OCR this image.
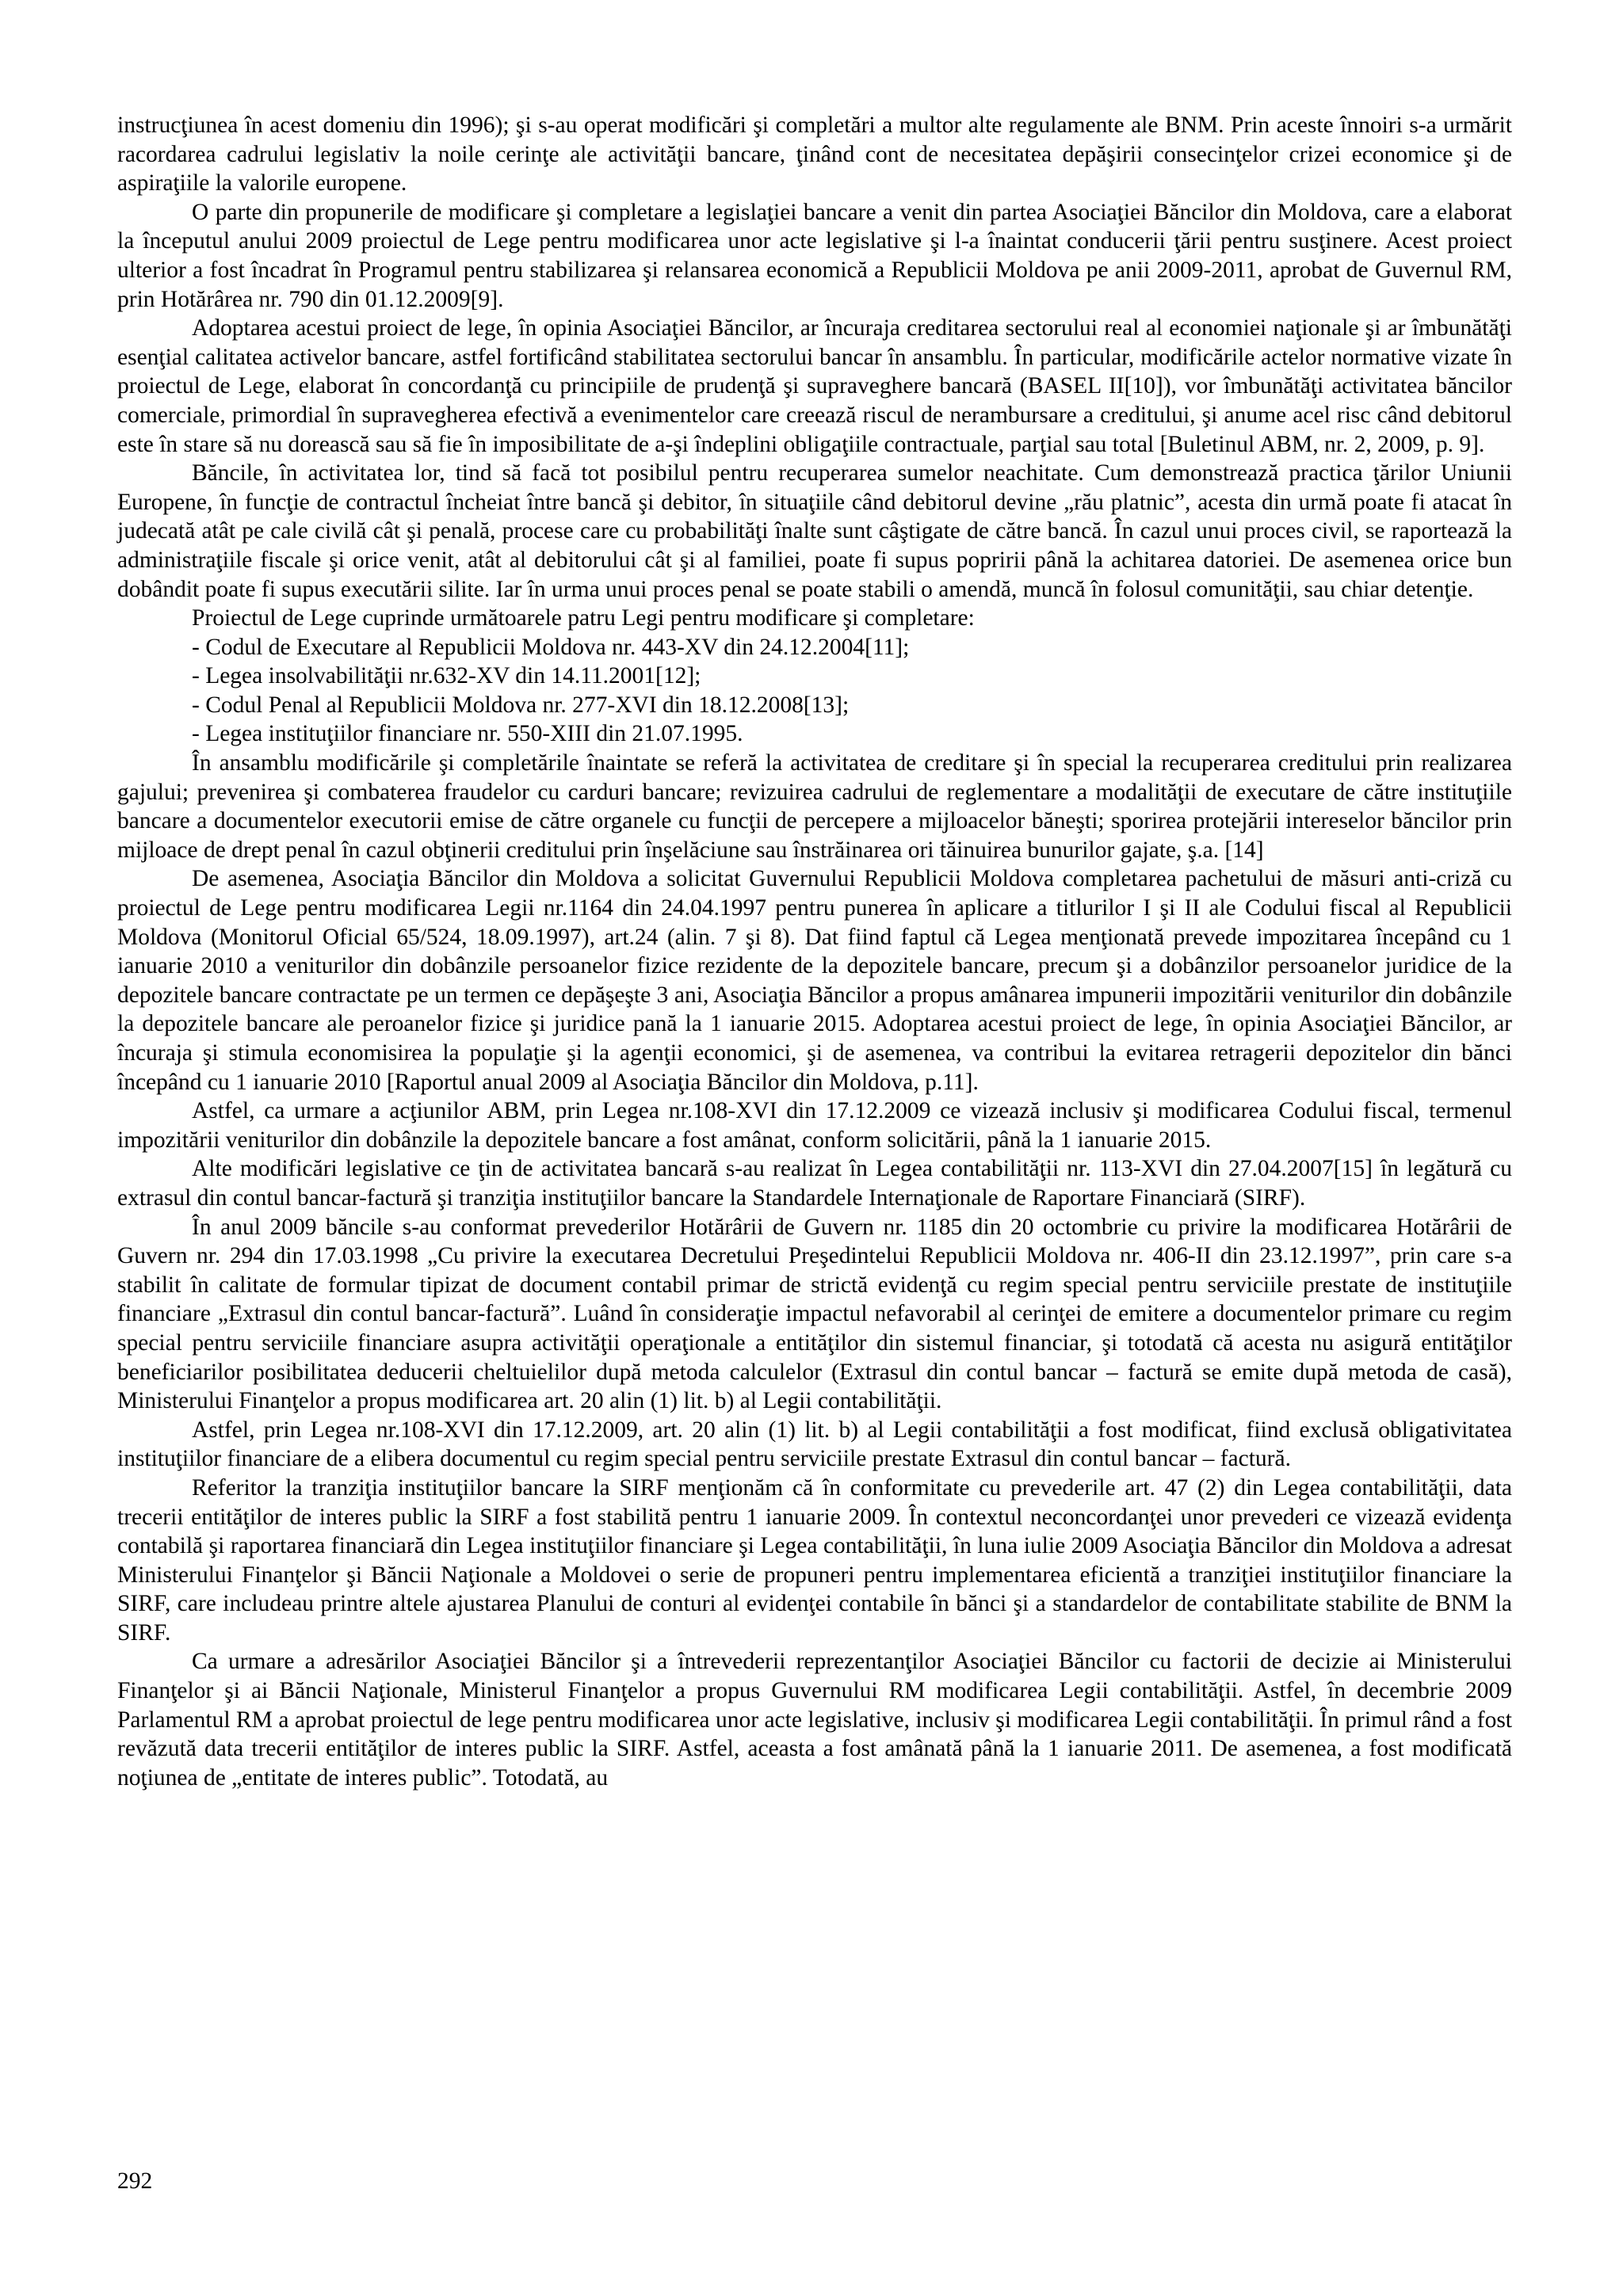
instrucţiunea în acest domeniu din 1996); şi s-au operat modificări şi completări a multor alte regulamente ale BNM. Prin aceste înnoiri s-a urmărit racordarea cadrului legislativ la noile cerinţe ale activităţii bancare, ţinând cont de necesitatea depăşirii consecinţelor crizei economice şi de aspiraţiile la valorile europene.

O parte din propunerile de modificare şi completare a legislaţiei bancare a venit din partea Asociaţiei Băncilor din Moldova, care a elaborat la începutul anului 2009 proiectul de Lege pentru modificarea unor acte legislative şi l-a înaintat conducerii ţării pentru susţinere. Acest proiect ulterior a fost încadrat în Programul pentru stabilizarea şi relansarea economică a Republicii Moldova pe anii 2009-2011, aprobat de Guvernul RM, prin Hotărârea nr. 790 din 01.12.2009[9].

Adoptarea acestui proiect de lege, în opinia Asociaţiei Băncilor, ar încuraja creditarea sectorului real al economiei naţionale şi ar îmbunătăţi esenţial calitatea activelor bancare, astfel fortificând stabilitatea sectorului bancar în ansamblu. În particular, modificările actelor normative vizate în proiectul de Lege, elaborat în concordanţă cu principiile de prudenţă şi supraveghere bancară (BASEL II[10]), vor îmbunătăţi activitatea băncilor comerciale, primordial în supravegherea efectivă a evenimentelor care creează riscul de nerambursare a creditului, şi anume acel risc când debitorul este în stare să nu dorească sau să fie în imposibilitate de a-şi îndeplini obligaţiile contractuale, parţial sau total [Buletinul ABM, nr. 2, 2009, p. 9].

Băncile, în activitatea lor, tind să facă tot posibilul pentru recuperarea sumelor neachitate. Cum demonstrează practica ţărilor Uniunii Europene, în funcţie de contractul încheiat între bancă şi debitor, în situaţiile când debitorul devine „rău platnic”, acesta din urmă poate fi atacat în judecată atât pe cale civilă cât şi penală, procese care cu probabilităţi înalte sunt câştigate de către bancă. În cazul unui proces civil, se raportează la administraţiile fiscale şi orice venit, atât al debitorului cât şi al familiei, poate fi supus popririi până la achitarea datoriei. De asemenea orice bun dobândit poate fi supus executării silite. Iar în urma unui proces penal se poate stabili o amendă, muncă în folosul comunităţii, sau chiar detenţie.

Proiectul de Lege cuprinde următoarele patru Legi pentru modificare şi completare:

- Codul de Executare al Republicii Moldova nr. 443-XV din 24.12.2004[11];
- Legea insolvabilităţii nr.632-XV din 14.11.2001[12];
- Codul Penal al Republicii Moldova nr. 277-XVI din 18.12.2008[13];
- Legea instituţiilor financiare nr. 550-XIII din 21.07.1995.

În ansamblu modificările şi completările înaintate se referă la activitatea de creditare şi în special la recuperarea creditului prin realizarea gajului; prevenirea şi combaterea fraudelor cu carduri bancare; revizuirea cadrului de reglementare a modalităţii de executare de către instituţiile bancare a documentelor executorii emise de către organele cu funcţii de percepere a mijloacelor băneşti; sporirea protejării intereselor băncilor prin mijloace de drept penal în cazul obţinerii creditului prin înşelăciune sau înstrăinarea ori tăinuirea bunurilor gajate, ş.a. [14]

De asemenea, Asociaţia Băncilor din Moldova a solicitat Guvernului Republicii Moldova completarea pachetului de măsuri anti-criză cu proiectul de Lege pentru modificarea Legii nr.1164 din 24.04.1997 pentru punerea în aplicare a titlurilor I şi II ale Codului fiscal al Republicii Moldova (Monitorul Oficial 65/524, 18.09.1997), art.24 (alin. 7 şi 8). Dat fiind faptul că Legea menţionată prevede impozitarea începând cu 1 ianuarie 2010 a veniturilor din dobânzile persoanelor fizice rezidente de la depozitele bancare, precum şi a dobânzilor persoanelor juridice de la depozitele bancare contractate pe un termen ce depăşeşte 3 ani, Asociaţia Băncilor a propus amânarea impunerii impozitării veniturilor din dobânzile la depozitele bancare ale peroanelor fizice şi juridice pană la 1 ianuarie 2015. Adoptarea acestui proiect de lege, în opinia Asociaţiei Băncilor, ar încuraja şi stimula economisirea la populaţie şi la agenţii economici, şi de asemenea, va contribui la evitarea retragerii depozitelor din bănci începând cu 1 ianuarie 2010 [Raportul anual 2009 al Asociaţia Băncilor din Moldova, p.11].

Astfel, ca urmare a acţiunilor ABM, prin Legea nr.108-XVI din 17.12.2009 ce vizează inclusiv şi modificarea Codului fiscal, termenul impozitării veniturilor din dobânzile la depozitele bancare a fost amânat, conform solicitării, până la 1 ianuarie 2015.

Alte modificări legislative ce ţin de activitatea bancară s-au realizat în Legea contabilităţii nr. 113-XVI din 27.04.2007[15] în legătură cu extrasul din contul bancar-factură şi tranziţia instituţiilor bancare la Standardele Internaţionale de Raportare Financiară (SIRF).

În anul 2009 băncile s-au conformat prevederilor Hotărârii de Guvern nr. 1185 din 20 octombrie cu privire la modificarea Hotărârii de Guvern nr. 294 din 17.03.1998 „Cu privire la executarea Decretului Preşedintelui Republicii Moldova nr. 406-II din 23.12.1997”, prin care s-a stabilit în calitate de formular tipizat de document contabil primar de strictă evidenţă cu regim special pentru serviciile prestate de instituţiile financiare „Extrasul din contul bancar-factură”. Luând în consideraţie impactul nefavorabil al cerinţei de emitere a documentelor primare cu regim special pentru serviciile financiare asupra activităţii operaţionale a entităţilor din sistemul financiar, şi totodată că acesta nu asigură entităţilor beneficiarilor posibilitatea deducerii cheltuielilor după metoda calculelor (Extrasul din contul bancar – factură se emite după metoda de casă), Ministerului Finanţelor a propus modificarea art. 20 alin (1) lit. b) al Legii contabilităţii.

Astfel, prin Legea nr.108-XVI din 17.12.2009, art. 20 alin (1) lit. b) al Legii contabilităţii a fost modificat, fiind exclusă obligativitatea instituţiilor financiare de a elibera documentul cu regim special pentru serviciile prestate Extrasul din contul bancar – factură.

Referitor la tranziţia instituţiilor bancare la SIRF menţionăm că în conformitate cu prevederile art. 47 (2) din Legea contabilităţii, data trecerii entităţilor de interes public la SIRF a fost stabilită pentru 1 ianuarie 2009. În contextul neconcordanţei unor prevederi ce vizează evidenţa contabilă şi raportarea financiară din Legea instituţiilor financiare şi Legea contabilităţii, în luna iulie 2009 Asociaţia Băncilor din Moldova a adresat Ministerului Finanţelor şi Băncii Naţionale a Moldovei o serie de propuneri pentru implementarea eficientă a tranziţiei instituţiilor financiare la SIRF, care includeau printre altele ajustarea Planului de conturi al evidenţei contabile în bănci şi a standardelor de contabilitate stabilite de BNM la SIRF.

Ca urmare a adresărilor Asociaţiei Băncilor şi a întrevederii reprezentanţilor Asociaţiei Băncilor cu factorii de decizie ai Ministerului Finanţelor şi ai Băncii Naţionale, Ministerul Finanţelor a propus Guvernului RM modificarea Legii contabilităţii. Astfel, în decembrie 2009 Parlamentul RM a aprobat proiectul de lege pentru modificarea unor acte legislative, inclusiv şi modificarea Legii contabilităţii. În primul rând a fost revăzută data trecerii entităţilor de interes public la SIRF. Astfel, aceasta a fost amânată până la 1 ianuarie 2011. De asemenea, a fost modificată noţiunea de „entitate de interes public”. Totodată, au

292
